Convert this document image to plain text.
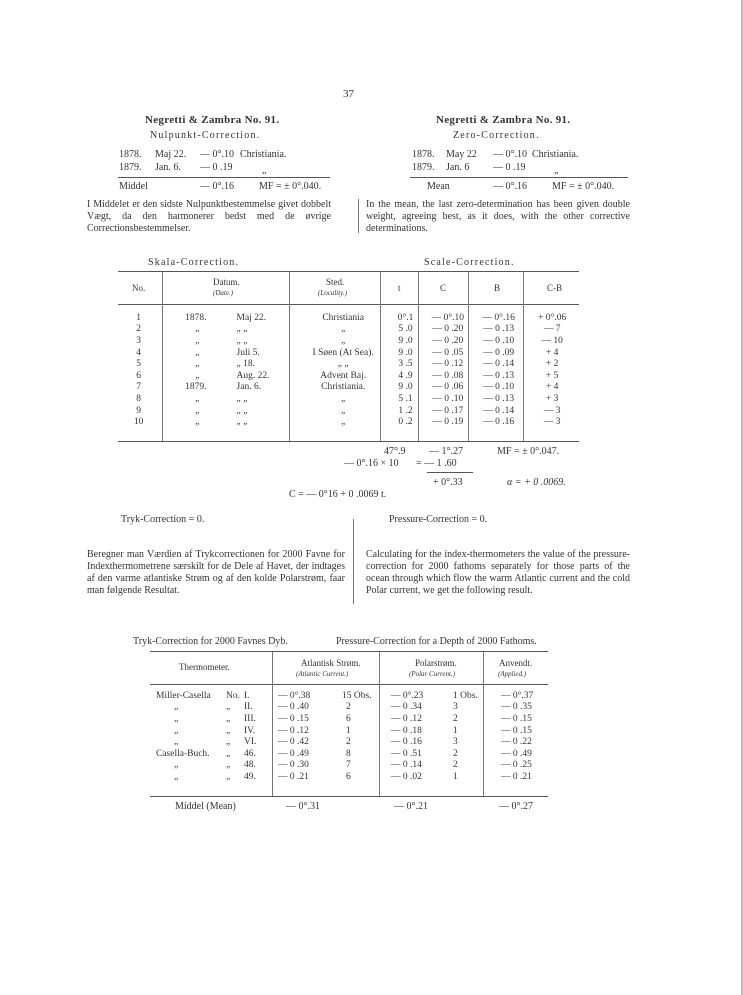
37
Negretti & Zambra No. 91.
Nulpunkt-Correction.
1878. Maj 22. — 0°.10 Christiania.
1879. Jan. 6. — 0 .19	„
Middel	— 0°.16	MF = ± 0°.040.
I Middelet er den sidste Nulpunktbestemmelse givet dobbelt Vægt, da den harmonerer bedst med de øvrige Correctionsbestemmelser.
Negretti & Zambra No. 91.
Zero-Correction.
1878. May 22 — 0°.10 Christiania.
1879. Jan. 6 — 0 .19	„
Mean	— 0°.16	MF = ± 0°.040.
In the mean, the last zero-determination has been given double weight, agreeing best, as it does, with the other corrective determinations.
Skala-Correction.	Scale-Correction.
No.
Datum.
(Date.)
Sted.
(Locality.)	t	C	B	C-B
1	1878.	Maj 22.	Christiania	0°.1	— 0°.10	— 0°.16	+ 0°.06
2	„	„ „	„	5 .0	— 0 .20	— 0 .13	— 7
3	„	„ „	„	9 .0	— 0 .20	— 0 .10	— 10
4	„	Juli 5.	I Søen (At Sea).	9 .0	— 0 .05	— 0 .09	+ 4
5	„	„ 18.	„ „	3 .5	— 0 .12	— 0 .14	+ 2
6	„	Aug. 22.	Advent Baj.	4 .9	— 0 .08	— 0 .13	+ 5
7	1879.	Jan. 6.	Christiania.	9 .0	— 0 .06	— 0 .10	+ 4
8	„	„ „	„	5 .1	— 0 .10	— 0 .13	+ 3
9	„	„ „	„	1 .2	— 0 .17	— 0 .14	— 3
10	„	„ „	„	0 .2	— 0 .19	— 0 .16	— 3
47°.9 — 1°.27	MF = ± 0°.047.
— 0°.16 × 10 = — 1 .60
+ 0°.33	α = + 0 .0069.
C = — 0°16 + 0 .0069 t.
Tryk-Correction = 0.	Pressure-Correction = 0.
Beregner man Værdien af Trykcorrectionen for 2000 Favne for Indexthermometrene særskilt for de Dele af Havet, der indtages af den varme atlantiske Strøm og af den kolde Polarstrøm, faar man følgende Resultat.
Calculating for the index-thermometers the value of the pressure-correction for 2000 fathoms separately for those parts of the ocean through which flow the warm Atlantic current and the cold Polar current, we get the following result.
Tryk-Correction for 2000 Favnes Dyb.	Pressure-Correction for a Depth of 2000 Fathoms.
Thermometer.	Atlantisk Strøm.
(Atlantic Current.)
Polarstrøm.
(Polar Current.)
Anvendt.
(Applied.)
Miller-Casella	No.	I.	— 0°.38	15 Obs.	— 0°.23	1 Obs.	— 0°.37
„	„	II.	— 0 .40	2	— 0 .34	3	— 0 .35
„	„	III.	— 0 .15	6	— 0 .12	2	— 0 .15
„	„	IV.	— 0 .12	1	— 0 .18	1	— 0 .15
„	„	VI.	— 0 .42	2	— 0 .16	3	— 0 .22
Casella-Buch.	„	46.	— 0 .49	8	— 0 .51	2	— 0 .49
„	„	48.	— 0 .30	7	— 0 .14	2	— 0 .25
„	„	49.	— 0 .21	6	— 0 .02	1	— 0 .21
Middel (Mean)	— 0°.31	— 0°.21	— 0°.27
